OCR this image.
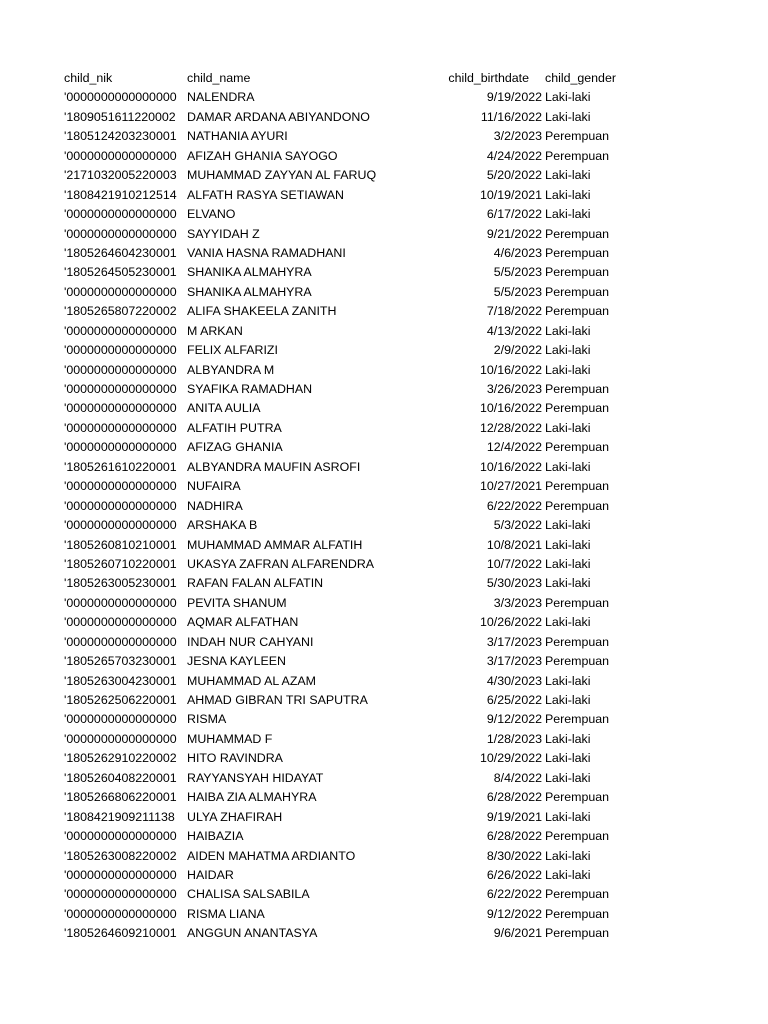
child_nik	child_name	child_birthdate child_gender
'0000000000000000 NALENDRA	9/19/2022 Laki-laki
'1809051611220002 DAMAR ARDANA ABIYANDONO	11/16/2022 Laki-laki
'1805124203230001 NATHANIA AYURI	3/2/2023 Perempuan
'0000000000000000 AFIZAH GHANIA SAYOGO	4/24/2022 Perempuan
'2171032005220003 MUHAMMAD ZAYYAN AL FARUQ	5/20/2022 Laki-laki
'1808421910212514 ALFATH RASYA SETIAWAN	10/19/2021 Laki-laki
'0000000000000000 ELVANO	6/17/2022 Laki-laki
'0000000000000000 SAYYIDAH Z	9/21/2022 Perempuan
'1805264604230001 VANIA HASNA RAMADHANI	4/6/2023 Perempuan
'1805264505230001 SHANIKA ALMAHYRA	5/5/2023 Perempuan
'0000000000000000 SHANIKA ALMAHYRA	5/5/2023 Perempuan
'1805265807220002 ALIFA SHAKEELA ZANITH	7/18/2022 Perempuan
'0000000000000000 M ARKAN	4/13/2022 Laki-laki
'0000000000000000 FELIX ALFARIZI	2/9/2022 Laki-laki
'0000000000000000 ALBYANDRA M	10/16/2022 Laki-laki
'0000000000000000 SYAFIKA RAMADHAN	3/26/2023 Perempuan
'0000000000000000 ANITA AULIA	10/16/2022 Perempuan
'0000000000000000 ALFATIH PUTRA	12/28/2022 Laki-laki
'0000000000000000 AFIZAG GHANIA	12/4/2022 Perempuan
'1805261610220001 ALBYANDRA MAUFIN ASROFI	10/16/2022 Laki-laki
'0000000000000000 NUFAIRA	10/27/2021 Perempuan
'0000000000000000 NADHIRA	6/22/2022 Perempuan
'0000000000000000 ARSHAKA B	5/3/2022 Laki-laki
'1805260810210001 MUHAMMAD AMMAR ALFATIH	10/8/2021 Laki-laki
'1805260710220001 UKASYA ZAFRAN ALFARENDRA	10/7/2022 Laki-laki
'1805263005230001 RAFAN FALAN ALFATIN	5/30/2023 Laki-laki
'0000000000000000 PEVITA SHANUM	3/3/2023 Perempuan
'0000000000000000 AQMAR ALFATHAN	10/26/2022 Laki-laki
'0000000000000000 INDAH NUR CAHYANI	3/17/2023 Perempuan
'1805265703230001 JESNA KAYLEEN	3/17/2023 Perempuan
'1805263004230001 MUHAMMAD AL AZAM	4/30/2023 Laki-laki
'1805262506220001 AHMAD GIBRAN TRI SAPUTRA	6/25/2022 Laki-laki
'0000000000000000 RISMA	9/12/2022 Perempuan
'0000000000000000 MUHAMMAD F	1/28/2023 Laki-laki
'1805262910220002 HITO RAVINDRA	10/29/2022 Laki-laki
'1805260408220001 RAYYANSYAH HIDAYAT	8/4/2022 Laki-laki
'1805266806220001 HAIBA ZIA ALMAHYRA	6/28/2022 Perempuan
'1808421909211138 ULYA ZHAFIRAH	9/19/2021 Laki-laki
'0000000000000000 HAIBAZIA	6/28/2022 Perempuan
'1805263008220002 AIDEN MAHATMA ARDIANTO	8/30/2022 Laki-laki
'0000000000000000 HAIDAR	6/26/2022 Laki-laki
'0000000000000000 CHALISA SALSABILA	6/22/2022 Perempuan
'0000000000000000 RISMA LIANA	9/12/2022 Perempuan
'1805264609210001 ANGGUN ANANTASYA	9/6/2021 Perempuan
